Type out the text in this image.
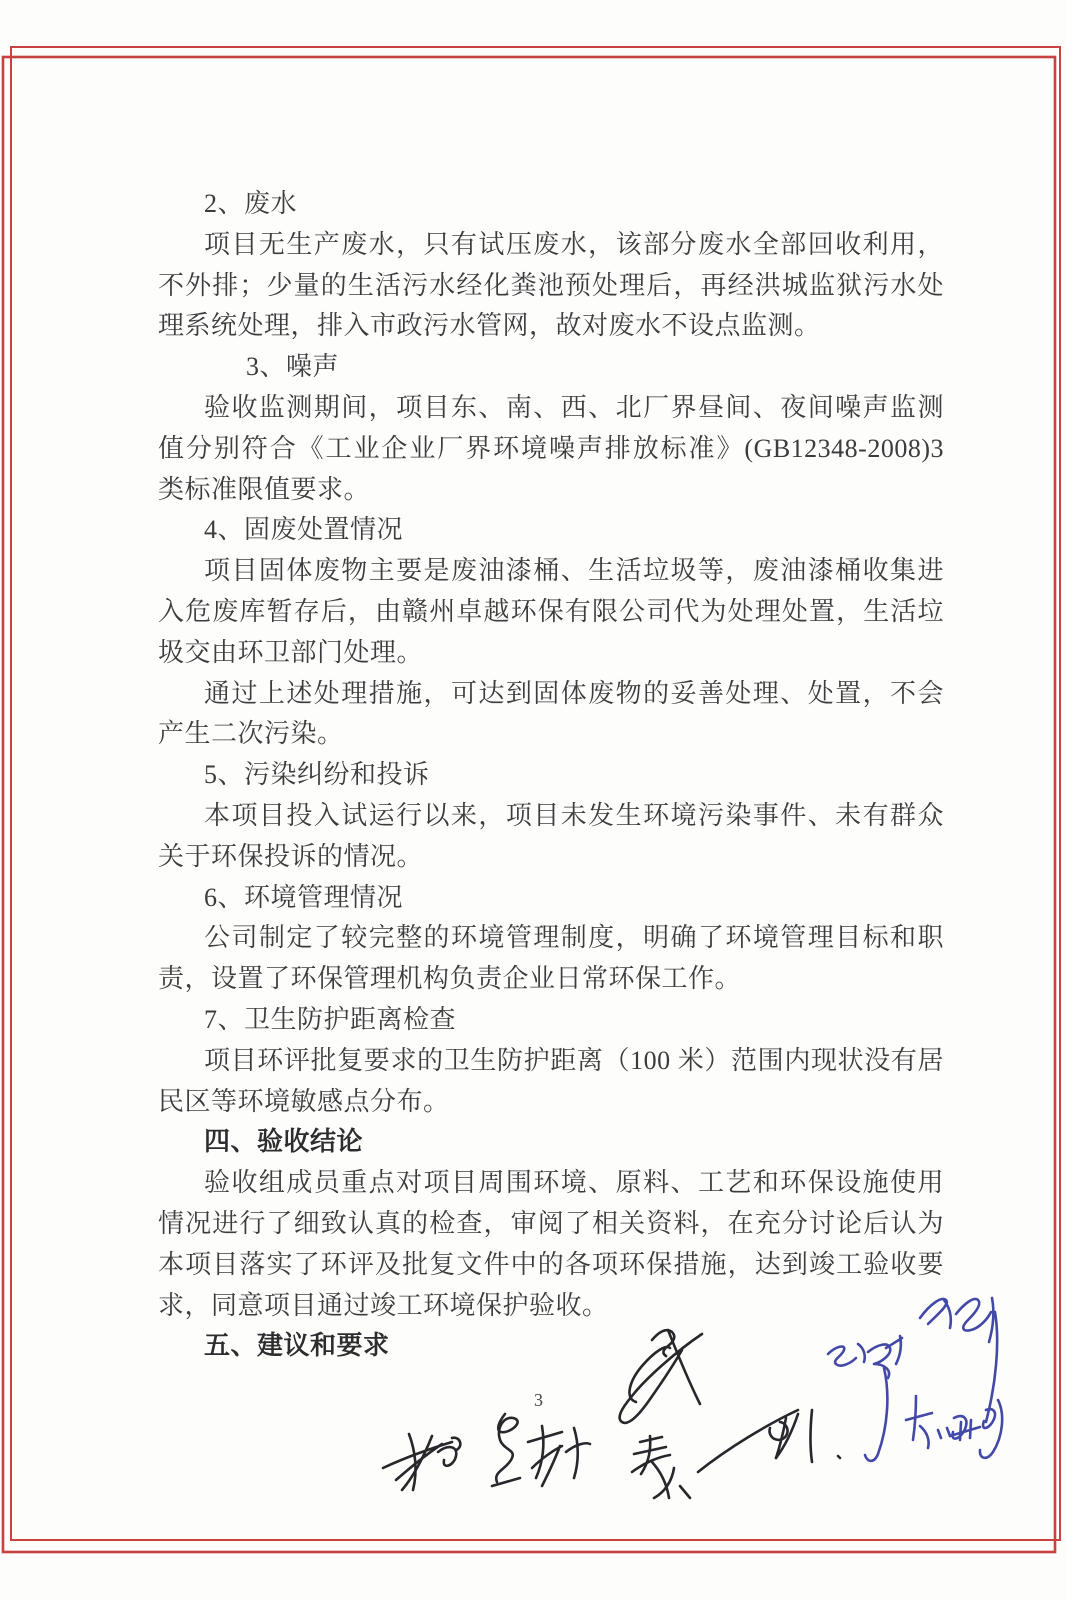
2、废水

项目无生产废水，只有试压废水，该部分废水全部回收利用，不外排；少量的生活污水经化粪池预处理后，再经洪城监狱污水处理系统处理，排入市政污水管网，故对废水不设点监测。

3、噪声

验收监测期间，项目东、南、西、北厂界昼间、夜间噪声监测值分别符合《工业企业厂界环境噪声排放标准》(GB12348-2008)3 类标准限值要求。

4、固废处置情况

项目固体废物主要是废油漆桶、生活垃圾等，废油漆桶收集进入危废库暂存后，由赣州卓越环保有限公司代为处理处置，生活垃圾交由环卫部门处理。

通过上述处理措施，可达到固体废物的妥善处理、处置，不会产生二次污染。

5、污染纠纷和投诉

本项目投入试运行以来，项目未发生环境污染事件、未有群众关于环保投诉的情况。

6、环境管理情况

公司制定了较完整的环境管理制度，明确了环境管理目标和职责，设置了环保管理机构负责企业日常环保工作。

7、卫生防护距离检查

项目环评批复要求的卫生防护距离（100 米）范围内现状没有居民区等环境敏感点分布。

四、验收结论

验收组成员重点对项目周围环境、原料、工艺和环保设施使用情况进行了细致认真的检查，审阅了相关资料，在充分讨论后认为本项目落实了环评及批复文件中的各项环保措施，达到竣工验收要求，同意项目通过竣工环境保护验收。

五、建议和要求

3
